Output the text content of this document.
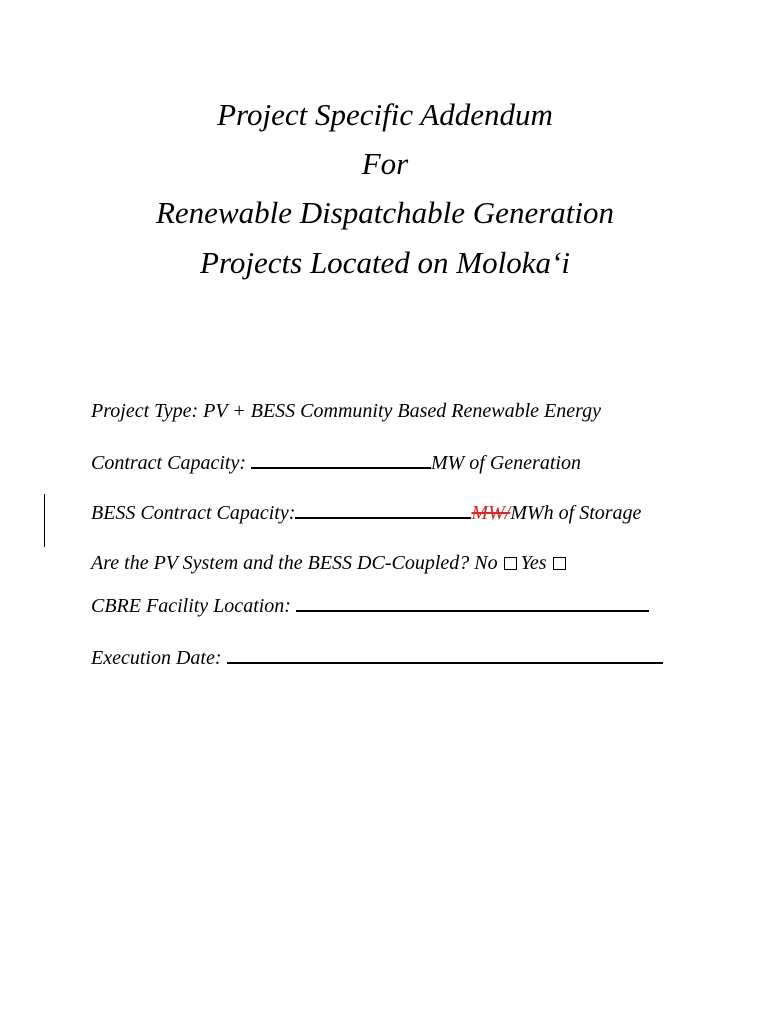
Project Specific Addendum
For
Renewable Dispatchable Generation
Projects Located on Moloka‘i
Project Type: PV + BESS Community Based Renewable Energy
Contract Capacity:	MW of Generation
BESS Contract Capacity:	MW/MWh of Storage
Are the PV System and the BESS DC-Coupled? No Yes
CBRE Facility Location:
Execution Date:
